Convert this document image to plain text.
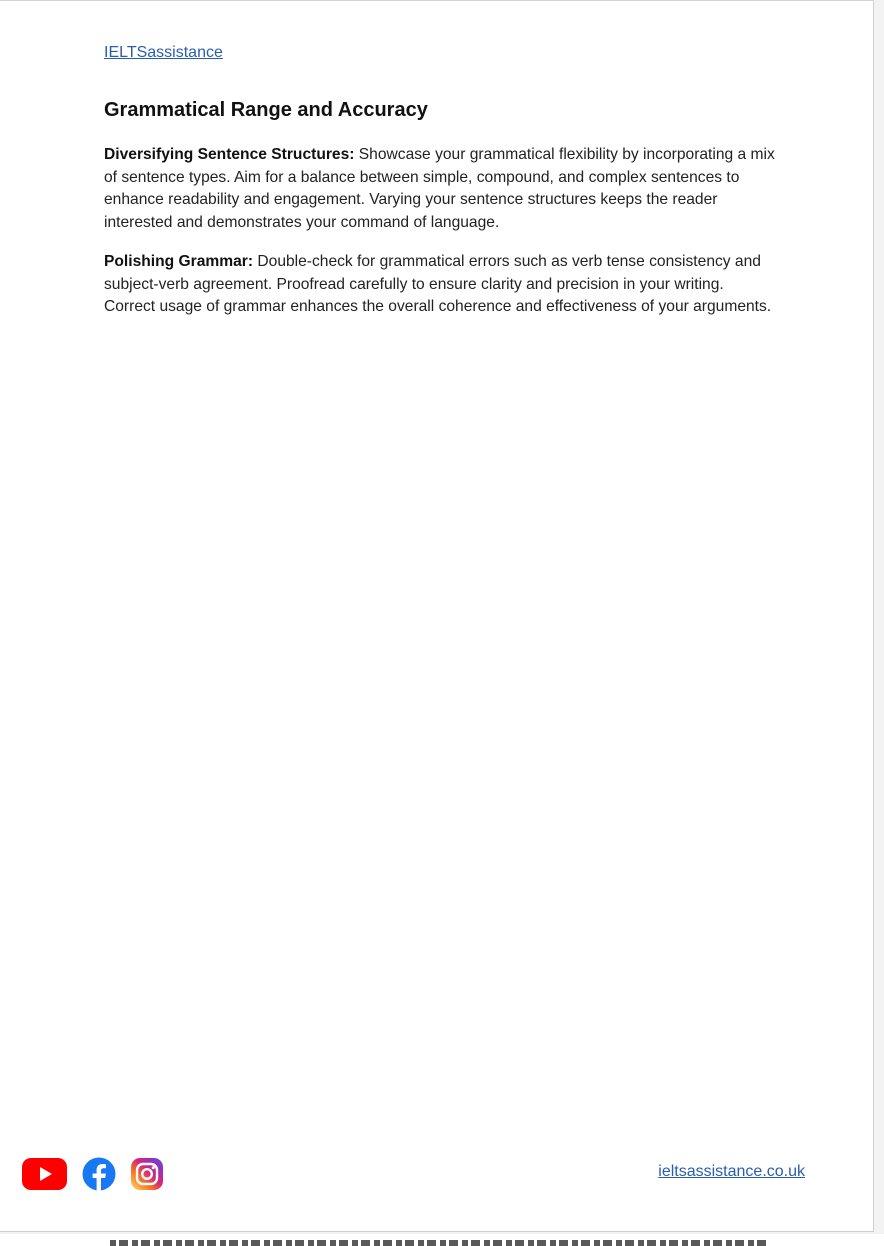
IELTSassistance
Grammatical Range and Accuracy

Diversifying Sentence Structures: Showcase your grammatical flexibility by incorporating a mix of sentence types. Aim for a balance between simple, compound, and complex sentences to enhance readability and engagement. Varying your sentence structures keeps the reader interested and demonstrates your command of language.

Polishing Grammar: Double-check for grammatical errors such as verb tense consistency and subject-verb agreement. Proofread carefully to ensure clarity and precision in your writing. Correct usage of grammar enhances the overall coherence and effectiveness of your arguments.

ieltsassistance.co.uk
